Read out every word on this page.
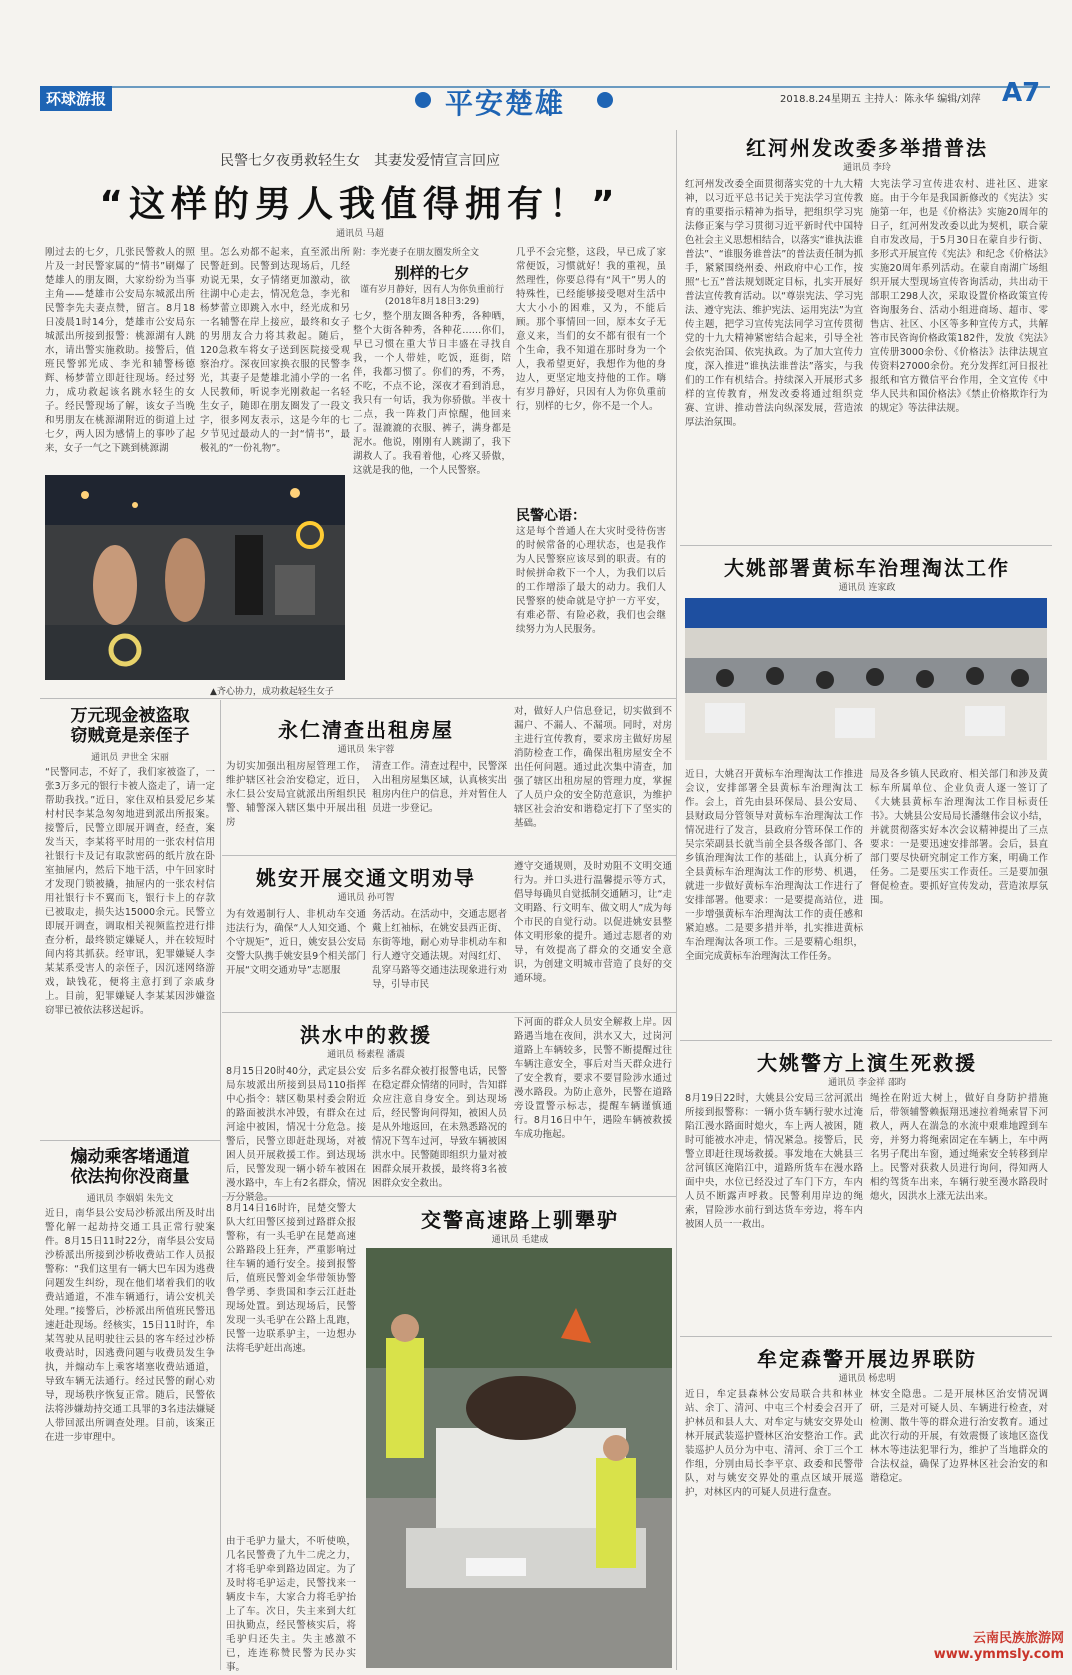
环球游报	平安楚雄	2018.8.24星期五 主持人：陈永华 编辑/刘萍 A7
民警七夕夜勇救轻生女　其妻发爱情宣言回应
“这样的男人我值得拥有！”
通讯员 马超
刚过去的七夕，几张民警救人的照片及一封民警家属的“情书”刷爆了楚雄人的朋友圈，大家纷纷为当事主角——楚雄市公安局东城派出所民警李先夫妻点赞，留言。8月18日凌晨1时14分，楚雄市公安局东城派出所接到报警：桃源湖有人跳水，请出警实施救助。接警后，值班民警郭光成、李光和辅警杨德辉、杨梦蕾立即赶往现场。经过努力，成功救起该名跳水轻生的女子。经民警现场了解，该女子当晚和男朋友在桃源湖附近的街道上过七夕，两人因为感情上的事吵了起来，女子一气之下跳到桃源湖
里。怎么劝都不起来，直至派出所民警赶到。民警到达现场后，几经劝说无果，女子情绪更加激动，欲往湖中心走去，情况危急，李光和杨梦蕾立即跳入水中，经光成和另一名辅警在岸上接应，最终和女子的男朋友合力将其救起。随后，120急救车将女子送到医院接受观察治疗。深夜回家换衣服的民警李光，其妻子是楚雄北浦小学的一名人民教师，听说李光刚救起一名轻生女子，随即在朋友圈发了一段文字，很多网友表示，这是今年的七夕节见过最动人的一封“情书”，最极礼的“一份礼物”。
附：李光妻子在朋友圈发所全文
别样的七夕
谨有岁月静好，因有人为你负重前行
(2018年8月18日3:29)
七夕，整个朋友圈各种秀，各种晒，整个大街各种秀，各种花……你们，早已习惯在重大节日丰盛在寻找自我，一个人带娃，吃饭，逛街，陪伴，我都习惯了。你们的秀，不秀，不吃，不点不论，深夜才看到消息，我只有一句话，我为你骄傲。半夜十二点，我一阵救门声惊醒，他回来了。湿漉漉的衣服、裤子，满身都是泥水。他说，刚刚有人跳湖了，我下湖救人了。我看着他，心疼又骄傲，这就是我的他，一个人民警察。
几乎不会完整，这段，早已成了家常便饭，习惯就好！我的重视，虽然理性，你要总得有“风干”男人的特殊性，已经能够接受嗯对生活中大大小小的困难，又为，不能后顾。那个事情回一回，原本女子无意义来，当们的女不都有很有一个个生命，我不知道在那时身为一个人，我希望更好，我想作为他的身边人，更坚定地支持他的工作。嗨有岁月静好，只因有人为你负重前行，别样的七夕，你不是一个人。
民警心语：
这是每个普通人在大灾时受待伤害的时候常备的心理状态，也是我作为人民警察应该尽到的职责。有的时候拼命救下一个人，为我们以后的工作增添了最大的动力。我们人民警察的使命就是守护一方平安，有难必帮、有险必救，我们也会继续努力为人民服务。
▲齐心协力，成功救起轻生女子
红河州发改委多举措普法
通讯员 李玲
红河州发改委全面贯彻落实党的十九大精神，以习近平总书记关于宪法学习宣传教育的重要指示精神为指导，把组织学习宪法修正案与学习贯彻习近平新时代中国特色社会主义思想相结合，以落实“谁执法谁普法”、“谁服务谁普法”的普法责任制为抓手，紧紧围绕州委、州政府中心工作，按照“七五”普法规划既定目标，扎实开展好普法宣传教育活动。以“尊崇宪法、学习宪法、遵守宪法、维护宪法、运用宪法”为宣传主题，把学习宣传宪法同学习宣传贯彻党的十九大精神紧密结合起来，引导全社会依宪治国、依宪执政。为了加大宣传力度，深入推进“谁执法谁普法”落实，与我们的工作有机结合。持续深入开展形式多样的宣传教育，州发改委将通过组织竞赛、宣讲、推动普法向纵深发展，营造浓厚法治氛围。
大宪法学习宣传进农村、进社区、进家庭。由于今年是我国新修改的《宪法》实施第一年，也是《价格法》实施20周年的日子，红河州发改委以此为契机，联合蒙自市发改局，于5月30日在蒙自步行街、多形式开展宣传《宪法》和纪念《价格法》实施20周年系列活动。在蒙自南湖广场组织开展大型现场宣传咨询活动，共出动干部职工298人次，采取设置价格政策宣传咨询服务台、活动小组进商场、超市、零售店、社区、小区等多种宣传方式，共解答市民咨询价格政策182件，发放《宪法》宣传册3000余份、《价格法》法律法规宣传资料27000余份。充分发挥红河日报社报纸和官方微信平台作用，全文宣传《中华人民共和国价格法》《禁止价格欺诈行为的规定》等法律法规。
大姚部署黄标车治理淘汰工作
通讯员 连家政
近日，大姚召开黄标车治理淘汰工作推进会议，安排部署全县黄标车治理淘汰工作。会上，首先由县环保局、县公安局、县财政局分管领导对黄标车治理淘汰工作情况进行了发言，县政府分管环保工作的吴宗荣副县长就当前全县各级各部门、各乡镇治理淘汰工作的基础上，认真分析了全县黄标车治理淘汰工作的形势、机遇，就进一步做好黄标车治理淘汰工作进行了安排部署。他要求：一是要提高站位，进一步增强黄标车治理淘汰工作的责任感和紧迫感。二是要多措并举，扎实推进黄标车治理淘汰各项工作。三是要精心组织，全面完成黄标车治理淘汰工作任务。
局及各乡镇人民政府、相关部门和涉及黄标车所属单位、企业负责人逐一签订了《大姚县黄标车治理淘汰工作目标责任书》。大姚县公安局局长潘继伟会议小结，并就贯彻落实好本次会议精神提出了三点要求：一是要迅速安排部署。会后，县直部门要尽快研究制定工作方案，明确工作任务。二是要压实工作责任。三是要加强督促检查。要抓好宣传发动，营造浓厚氛围。
大姚警方上演生死救援
通讯员 李金祥 邵昀
8月19日22时，大姚县公安局三岔河派出所接到报警称：一辆小货车辆行驶水过淹陷江漫水路面时熄火，车上两人被困，随时可能被水冲走，情况紧急。接警后，民警立即赶往现场救援。事发地在大姚县三岔河镇区淹陷江中，道路所货车在漫水路面中央，水位已经没过了车门下方，车内人员不断露声呼救。民警利用岸边的绳索，冒险涉水前行到达货车旁边，将车内被困人员一一救出。
绳拴在附近大树上，做好自身防护措施后，带领辅警赖振翔迅速拉着绳索冒下河救人，两人在湍急的水流中艰难地蹚到车旁，并努力将绳索固定在车辆上，车中两名男子爬出车窗，通过绳索安全转移到岸上。民警对获救人员进行询问，得知两人相约驾货车出来，车辆行驶至漫水路段时熄火，因洪水上涨无法出来。
牟定森警开展边界联防
通讯员 杨忠明
近日，牟定县森林公安局联合共和林业站、余丁、清河、中屯三个村委会召开了护林员和县人大、对牟定与姚安交界处山林开展武装巡护暨林区治安整治工作。武装巡护人员分为中屯、清河、余丁三个工作组，分别由局长李平京、政委和民警带队，对与姚安交界处的重点区域开展巡护，对林区内的可疑人员进行盘查。
林安全隐患。二是开展林区治安情况调研，三是对可疑人员、车辆进行检查，对检测、散牛等的群众进行治安教育。通过此次行动的开展，有效震慑了该地区盗伐林木等违法犯罪行为，维护了当地群众的合法权益，确保了边界林区社会治安的和谐稳定。
万元现金被盗取
窃贼竟是亲侄子
通讯员 尹世全 宋丽
“民警同志，不好了，我们家被盗了，一张3万多元的银行卡被人盗走了，请一定帮助我找。”近日，家住双柏县爱尼乡某村村民李某急匆匆地进到派出所报案。接警后，民警立即展开调查，经查，案发当天，李某将平时用的一张农村信用社银行卡及记有取款密码的纸片放在卧室抽屉内，然后下地干活，中午回家时才发现门锁被撬，抽屉内的一张农村信用社银行卡不翼而飞，银行卡上的存款已被取走，损失达15000余元。民警立即展开调查，调取相关视频监控进行排查分析，最终锁定嫌疑人，并在较短时间内将其抓获。经审讯，犯罪嫌疑人李某某系受害人的亲侄子，因沉迷网络游戏，缺钱花，便将主意打到了亲戚身上。目前，犯罪嫌疑人李某某因涉嫌盗窃罪已被依法移送起诉。
煽动乘客堵通道
依法拘你没商量
通讯员 李姻娟 朱先文
近日，南华县公安局沙桥派出所及时出警化解一起劫持交通工具正常行驶案件。8月15日11时22分，南华县公安局沙桥派出所接到沙桥收费站工作人员报警称：“我们这里有一辆大巴车因为逃费问题发生纠纷，现在他们堵着我们的收费站通道，不准车辆通行，请公安机关处理。”接警后，沙桥派出所值班民警迅速赶赴现场。经核实，15日11时许，牟某驾驶从昆明驶往云县的客车经过沙桥收费站时，因逃费问题与收费员发生争执，并煽动车上乘客堵塞收费站通道，导致车辆无法通行。经过民警的耐心劝导，现场秩序恢复正常。随后，民警依法将涉嫌劫持交通工具罪的3名违法嫌疑人带回派出所调查处理。目前，该案正在进一步审理中。
永仁清查出租房屋
通讯员 朱宇蓉
为切实加强出租房屋管理工作，维护辖区社会治安稳定，近日，永仁县公安局宜就派出所组织民警、辅警深入辖区集中开展出租房
清查工作。清查过程中，民警深入出租房屋集区域，认真核实出租房内住户的信息，并对暂住人员进一步登记。
对，做好人户信息登记，切实做到不漏户、不漏人、不漏项。同时，对房主进行宣传教育，要求房主做好房屋消防检查工作，确保出租房屋安全不出任何问题。通过此次集中清查，加强了辖区出租房屋的管理力度，掌握了人员户众的安全防范意识，为维护辖区社会治安和谐稳定打下了坚实的基础。
姚安开展交通文明劝导
通讯员 孙可智
为有效遏制行人、非机动车交通违法行为，确保“人人知交通、个个守规矩”，近日，姚安县公安局交警大队携手姚安县9个相关部门开展“文明交通劝导”志愿服
务活动。在活动中，交通志愿者戴上红袖标，在姚安县西正街、东街等地，耐心劝导非机动车和行人遵守交通法规。对闯红灯、乱穿马路等交通违法现象进行劝导，引导市民
遵守交通规则，及时劝阻不文明交通行为。并口头进行温馨提示等方式，倡导每确贝自觉抵制交通陋习，让“走文明路、行文明车、做文明人”成为每个市民的自觉行动。以促进姚安县整体文明形象的提升。通过志愿者的劝导，有效提高了群众的交通安全意识，为创建文明城市营造了良好的交通环境。
洪水中的救援
通讯员 杨素程 潘震
8月15日20时40分，武定县公安局东坡派出所接到县局110指挥中心指令：辖区勒果村委会附近的路面被洪水冲毁，有群众在过河途中被困，情况十分危急。接警后，民警立即赶赴现场，对被困人员开展救援工作。到达现场后，民警发现一辆小轿车被困在漫水路中，车上有2名群众，情况万分紧急。
后多名群众被打报警电话，民警在稳定群众情绪的同时，告知群众应注意自身安全。到达现场后，经民警询问得知，被困人员是从外地返回，在未熟悉路况的情况下驾车过河，导致车辆被困洪水中。民警随即组织力量对被困群众展开救援，最终将3名被困群众安全救出。
下河面的群众人员安全解救上岸。因路遇当地在夜间，洪水又大，过岗河道路上车辆较多，民警不断提醒过往车辆注意安全，事后对当天群众进行了安全教育，要求不要冒险涉水通过漫水路段。为防止意外，民警在道路旁设置警示标志，提醒车辆谨慎通行。8月16日中午，遇险车辆被救援车成功拖起。
8月14日16时许，昆楚交警大队大红田警区接到过路群众报警称，有一头毛驴在昆楚高速公路路段上狂奔，严重影响过往车辆的通行安全。接到报警后，值班民警刘金华带领协警鲁学勇、李贵国和李云江赶赴现场处置。到达现场后，民警发现一头毛驴在公路上乱跑，民警一边联系驴主，一边想办法将毛驴赶出高速。
由于毛驴力量大，不听使唤，几名民警费了九牛二虎之力，才将毛驴牵到路边固定。为了及时将毛驴运走，民警找来一辆皮卡车，大家合力将毛驴抬上了车。次日，失主来到大红田执勤点，经民警核实后，将毛驴归还失主。失主感激不已，连连称赞民警为民办实事。
交警高速路上驯犟驴
通讯员 毛建成
云南民族旅游网
www.ymmsly.com
